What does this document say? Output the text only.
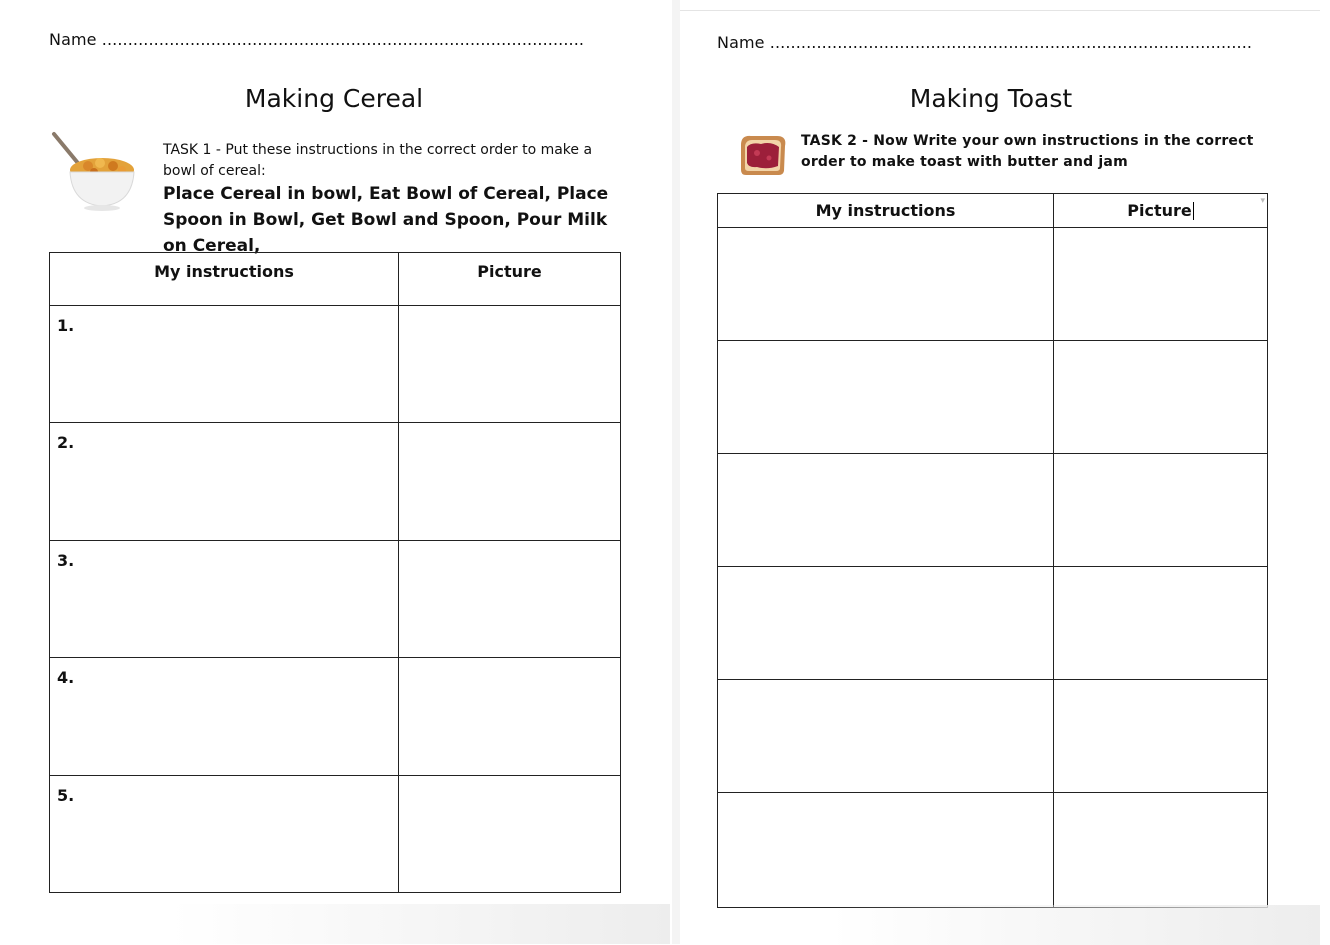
Name .............................................................................................
Making Cereal
TASK 1 - Put these instructions in the correct order to make a bowl of cereal:
Place Cereal in bowl, Eat Bowl of Cereal, Place Spoon in Bowl, Get Bowl and Spoon, Pour Milk on Cereal,
My instructions	Picture

1.	

2.	

3.	

4.	

5.	

Name .............................................................................................
Making Toast
TASK 2 - Now Write your own instructions in the correct order to make toast with butter and jam
My instructions	Picture ▾
